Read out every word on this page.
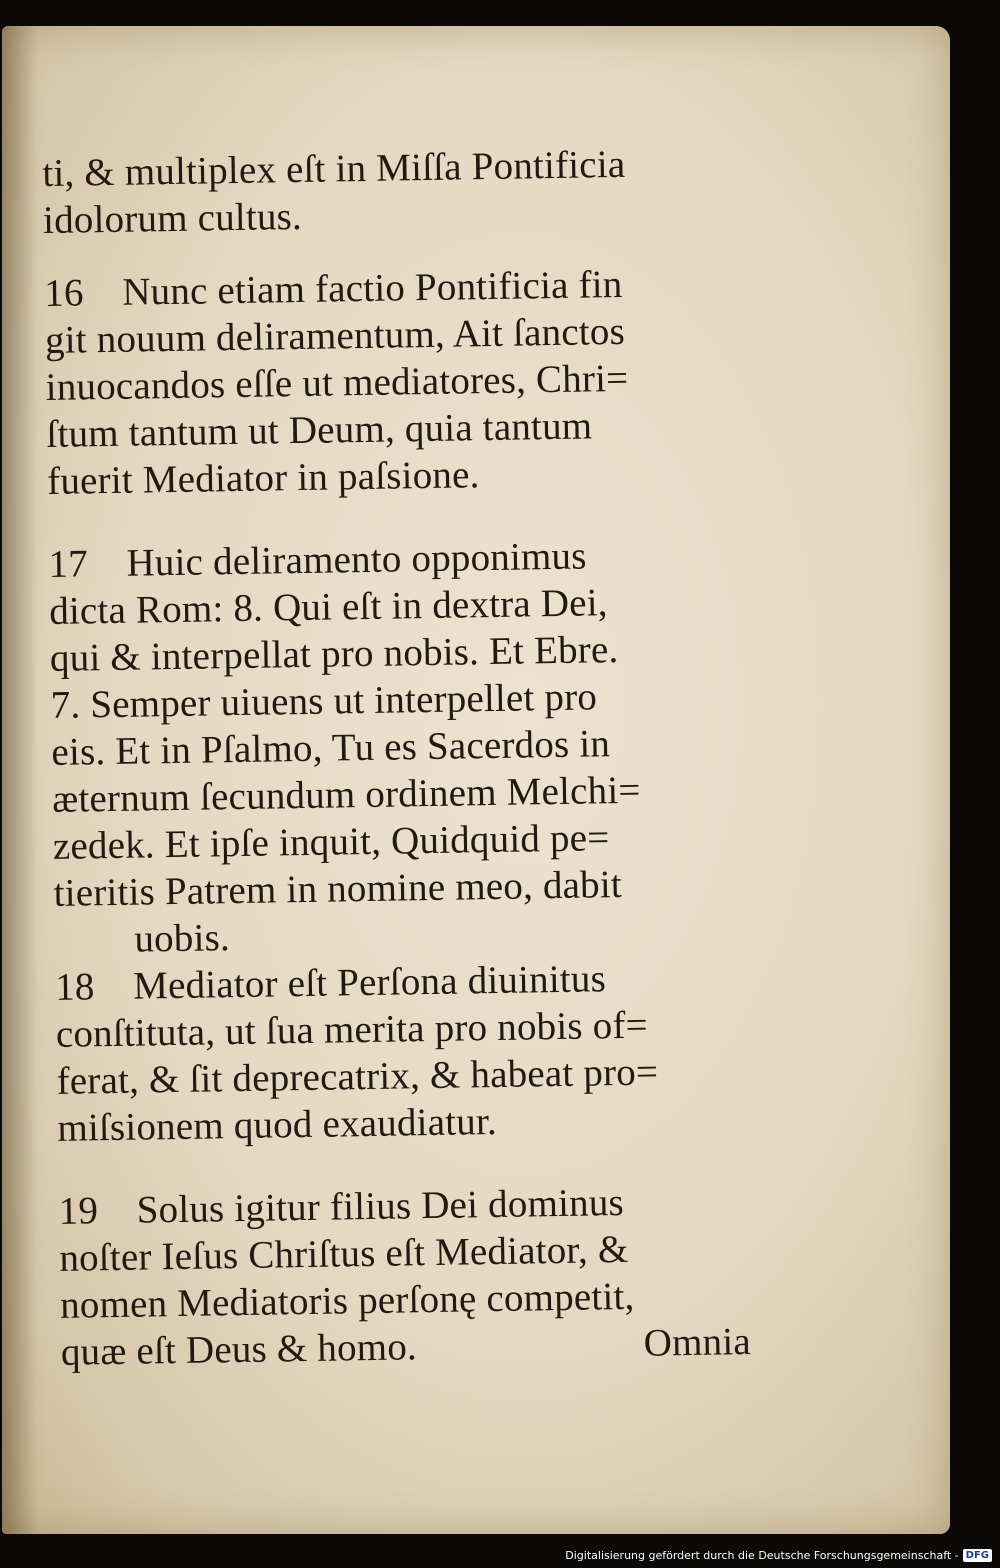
ti, & multiplex eſt in Miſſa Pontificia
idolorum cultus.
16 Nunc etiam factio Pontificia fin
git nouum deliramentum, Ait ſanctos
inuocandos eſſe ut mediatores, Chri=
ſtum tantum ut Deum, quia tantum
fuerit Mediator in paſsione.
17 Huic deliramento opponimus
dicta Rom: 8. Qui eſt in dextra Dei,
qui & interpellat pro nobis. Et Ebre.
7. Semper uiuens ut interpellet pro
eis. Et in Pſalmo, Tu es Sacerdos in
æternum ſecundum ordinem Melchi=
zedek. Et ipſe inquit, Quidquid pe=
tieritis Patrem in nomine meo, dabit
uobis.
18 Mediator eſt Perſona diuinitus
conſtituta, ut ſua merita pro nobis of=
ferat, & ſit deprecatrix, & habeat pro=
miſsionem quod exaudiatur.
19 Solus igitur filius Dei dominus
noſter Ieſus Chriſtus eſt Mediator, &
nomen Mediatoris perſonę competit,
quæ eſt Deus & homo.	Omnia
Digitalisierung gefördert durch die Deutsche Forschungsgemeinschaft - DFG
